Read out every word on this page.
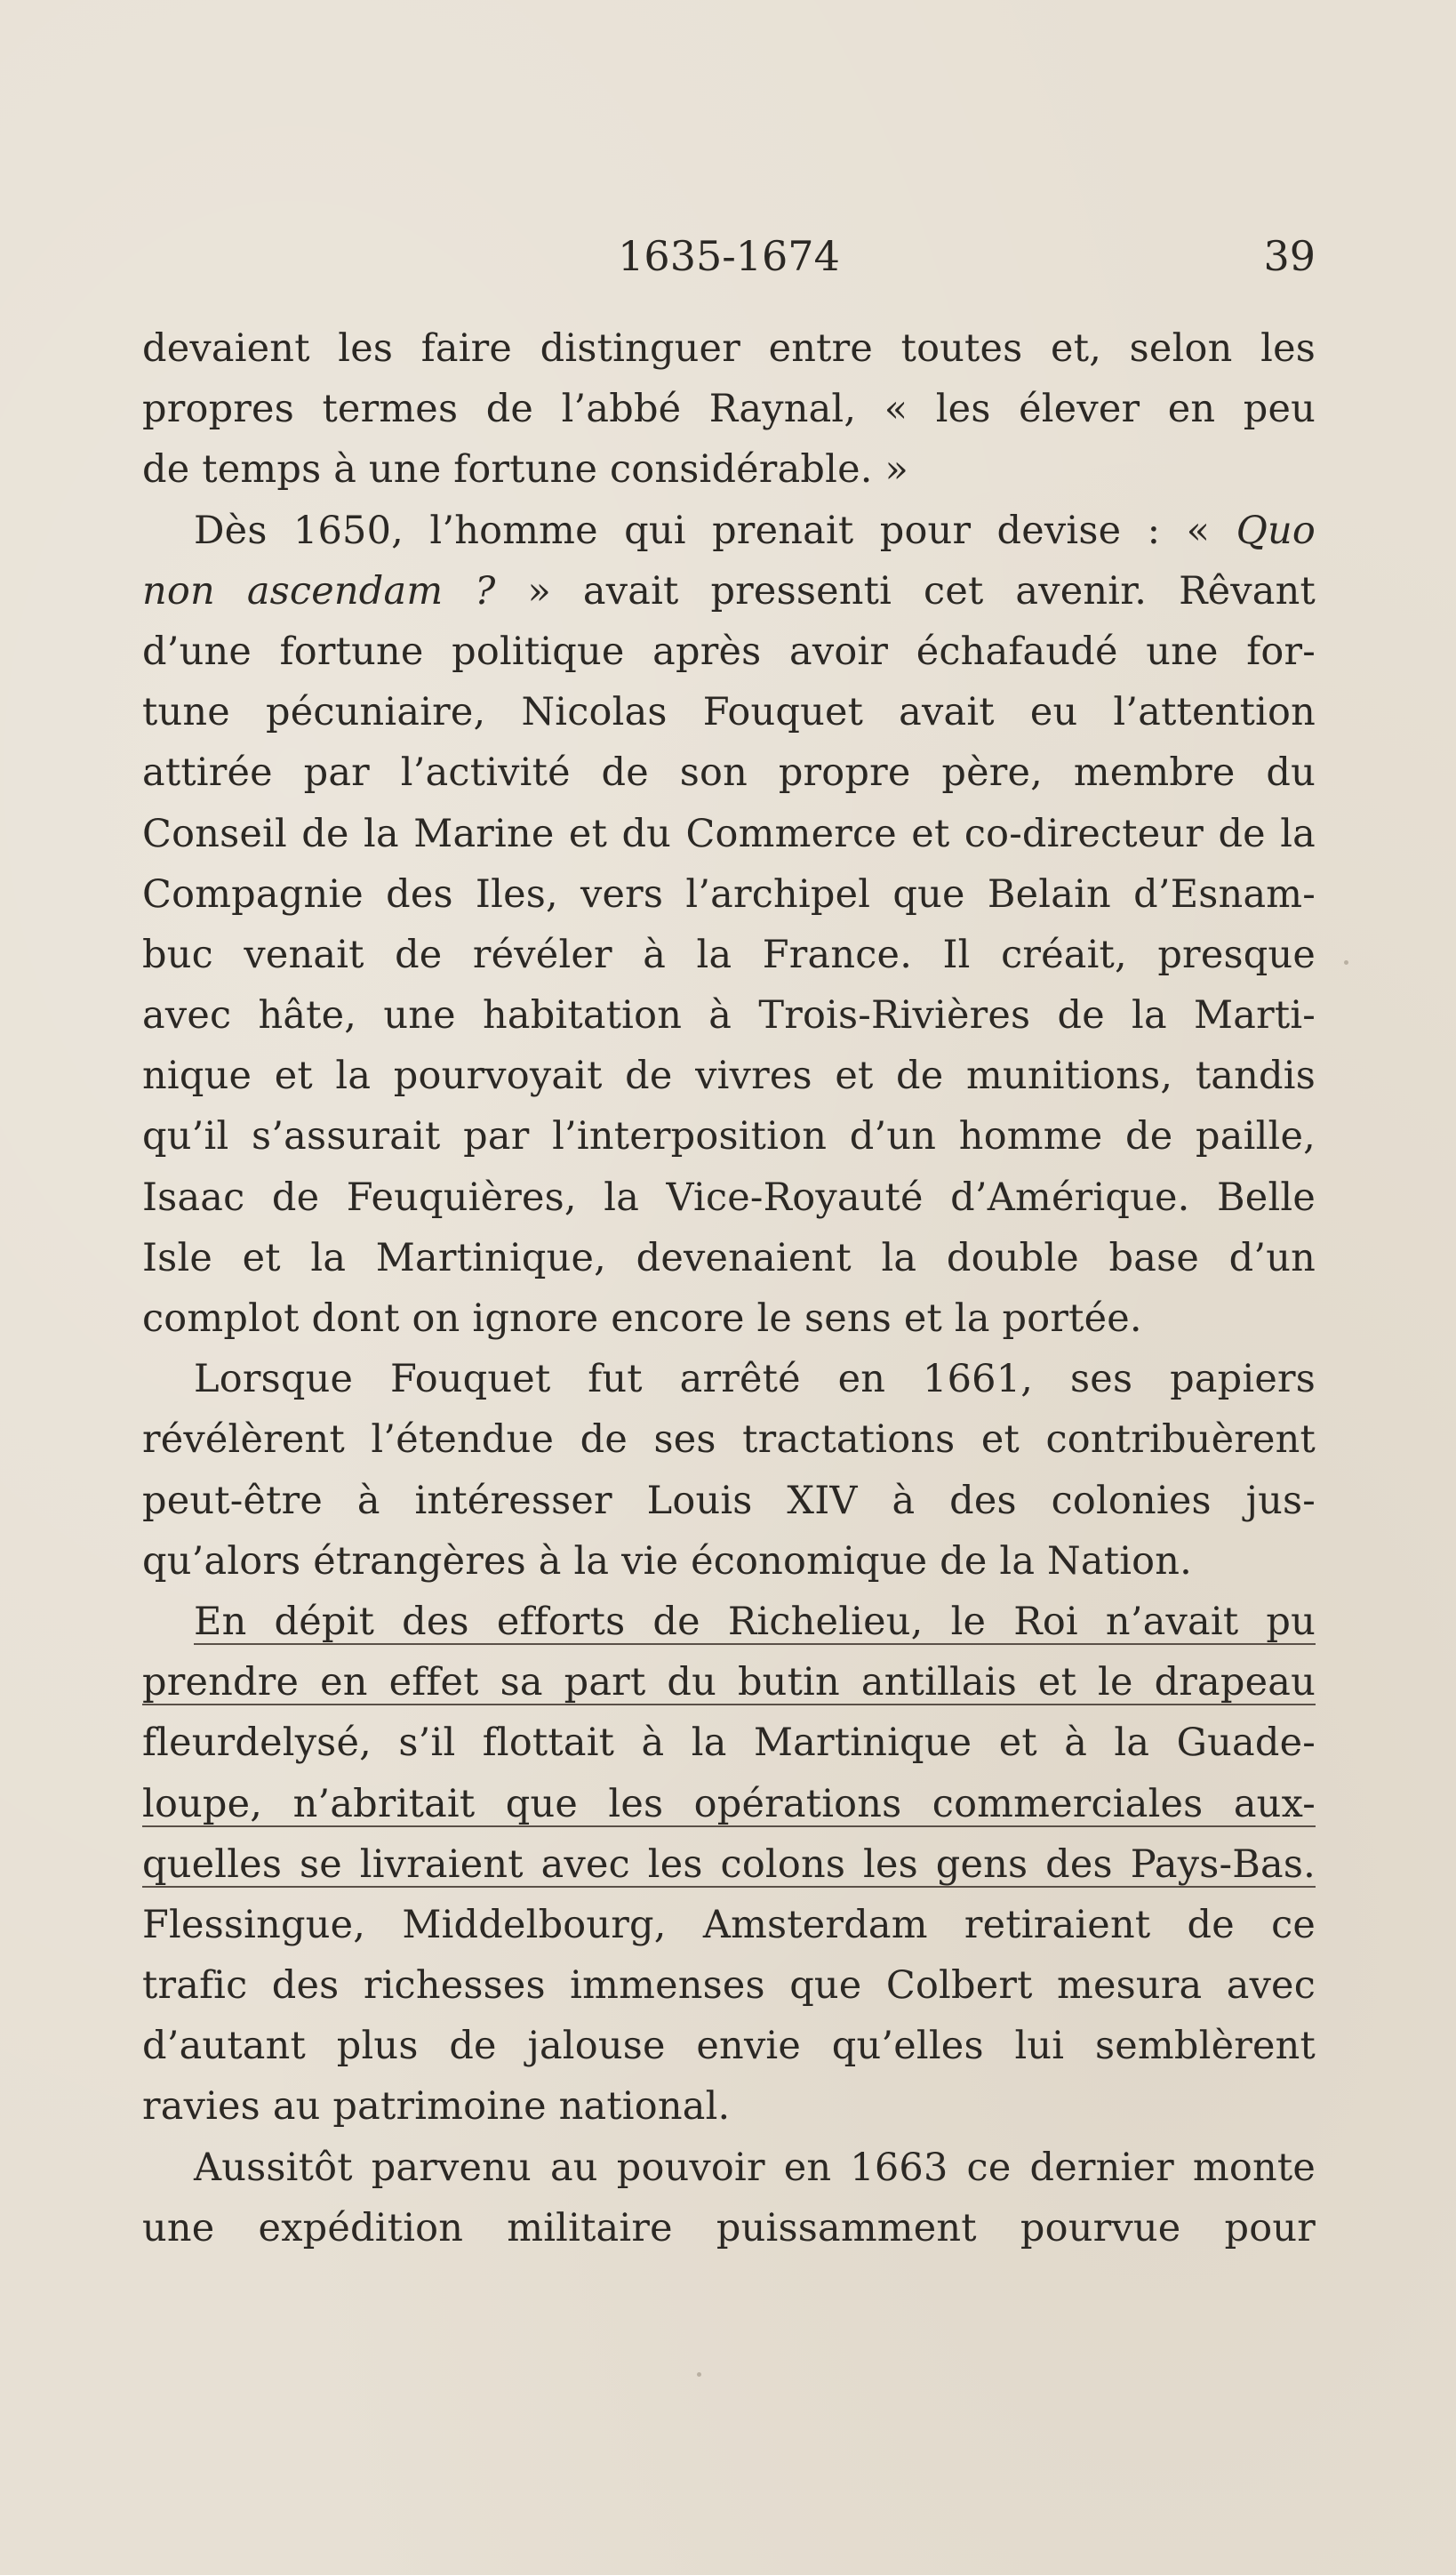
1635-1674	39
devaient les faire distinguer entre toutes et, selon les
propres termes de l’abbé Raynal, « les élever en peu
de temps à une fortune considérable. »
Dès 1650, l’homme qui prenait pour devise : « Quo
non ascendam ? » avait pressenti cet avenir. Rêvant
d’une fortune politique après avoir échafaudé une for-
tune pécuniaire, Nicolas Fouquet avait eu l’attention
attirée par l’activité de son propre père, membre du
Conseil de la Marine et du Commerce et co-directeur de la
Compagnie des Iles, vers l’archipel que Belain d’Esnam-
buc venait de révéler à la France. Il créait, presque
avec hâte, une habitation à Trois-Rivières de la Marti-
nique et la pourvoyait de vivres et de munitions, tandis
qu’il s’assurait par l’interposition d’un homme de paille,
Isaac de Feuquières, la Vice-Royauté d’Amérique. Belle
Isle et la Martinique, devenaient la double base d’un
complot dont on ignore encore le sens et la portée.
Lorsque Fouquet fut arrêté en 1661, ses papiers
révélèrent l’étendue de ses tractations et contribuèrent
peut-être à intéresser Louis XIV à des colonies jus-
qu’alors étrangères à la vie économique de la Nation.
En dépit des efforts de Richelieu, le Roi n’avait pu
prendre en effet sa part du butin antillais et le drapeau
fleurdelysé, s’il flottait à la Martinique et à la Guade-
loupe, n’abritait que les opérations commerciales aux-
quelles se livraient avec les colons les gens des Pays-Bas.
Flessingue, Middelbourg, Amsterdam retiraient de ce
trafic des richesses immenses que Colbert mesura avec
d’autant plus de jalouse envie qu’elles lui semblèrent
ravies au patrimoine national.
Aussitôt parvenu au pouvoir en 1663 ce dernier monte
une expédition militaire puissamment pourvue pour
